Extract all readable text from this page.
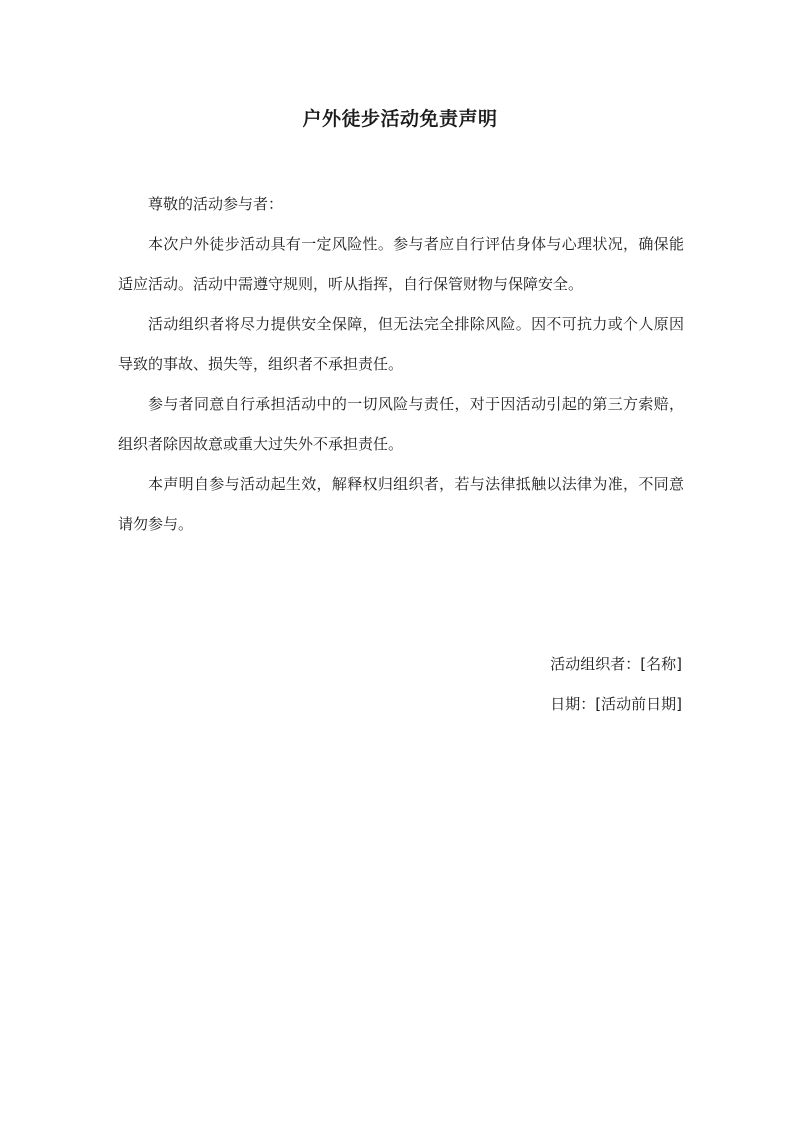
户外徒步活动免责声明

尊敬的活动参与者：

本次户外徒步活动具有一定风险性。参与者应自行评估身体与心理状况，确保能适应活动。活动中需遵守规则，听从指挥，自行保管财物与保障安全。

活动组织者将尽力提供安全保障，但无法完全排除风险。因不可抗力或个人原因导致的事故、损失等，组织者不承担责任。

参与者同意自行承担活动中的一切风险与责任，对于因活动引起的第三方索赔，组织者除因故意或重大过失外不承担责任。

本声明自参与活动起生效，解释权归组织者，若与法律抵触以法律为准，不同意请勿参与。

活动组织者：[名称]
日期：[活动前日期]
